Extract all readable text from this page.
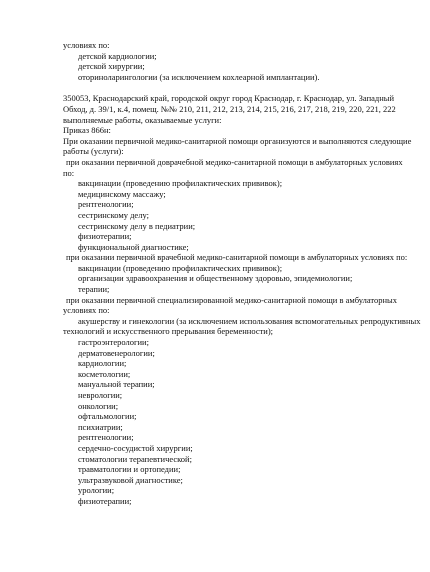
условиях по:
детской кардиологии;
детской хирургии;
оториноларингологии (за исключением кохлеарной имплантации).
350053, Краснодарский край, городской округ город Краснодар, г. Краснодар, ул. Западный
Обход, д. 39/1, к.4, помещ. №№ 210, 211, 212, 213, 214, 215, 216, 217, 218, 219, 220, 221, 222
выполняемые работы, оказываемые услуги:
Приказ 866н:
При оказании первичной медико-санитарной помощи организуются и выполняются следующие
работы (услуги):
при оказании первичной доврачебной медико-санитарной помощи в амбулаторных условиях
по:
вакцинации (проведению профилактических прививок);
медицинскому массажу;
рентгенологии;
сестринскому делу;
сестринскому делу в педиатрии;
физиотерапии;
функциональной диагностике;
при оказании первичной врачебной медико-санитарной помощи в амбулаторных условиях по:
вакцинации (проведению профилактических прививок);
организации здравоохранения и общественному здоровью, эпидемиологии;
терапии;
при оказании первичной специализированной медико-санитарной помощи в амбулаторных
условиях по:
акушерству и гинекологии (за исключением использования вспомогательных репродуктивных
технологий и искусственного прерывания беременности);
гастроэнтерологии;
дерматовенерологии;
кардиологии;
косметологии;
мануальной терапии;
неврологии;
онкологии;
офтальмологии;
психиатрии;
рентгенологии;
сердечно-сосудистой хирургии;
стоматологии терапевтической;
травматологии и ортопедии;
ультразвуковой диагностике;
урологии;
физиотерапии;
